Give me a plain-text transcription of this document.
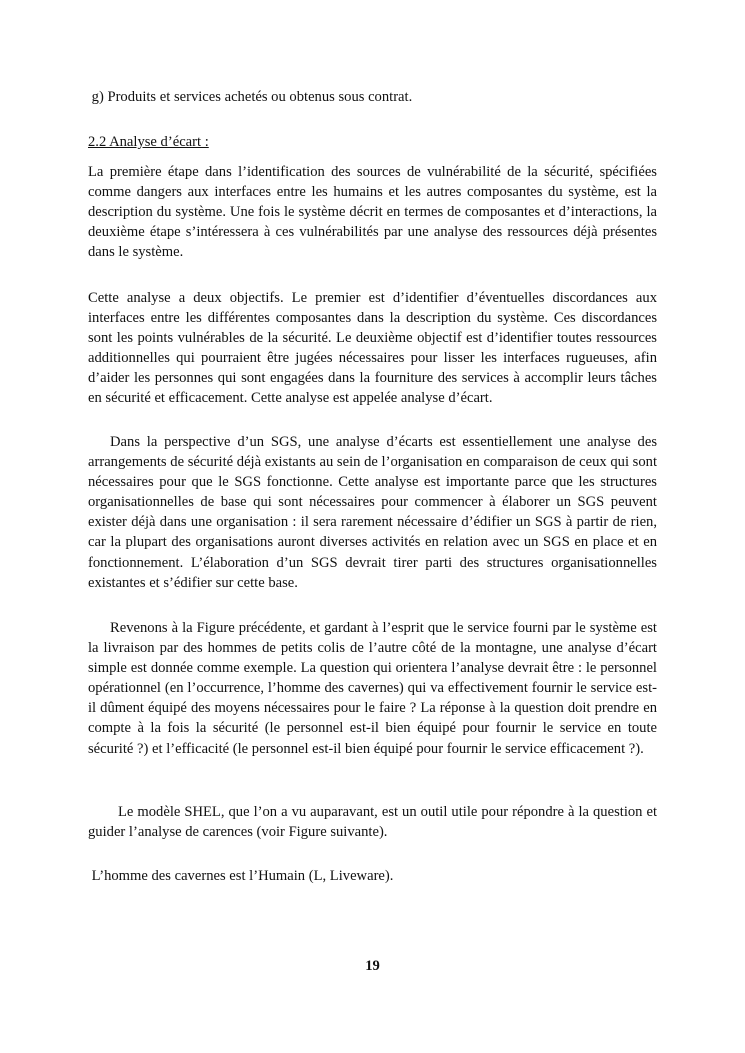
g) Produits et services achetés ou obtenus sous contrat.

2.2 Analyse d’écart :

La première étape dans l’identification des sources de vulnérabilité de la sécurité, spécifiées comme dangers aux interfaces entre les humains et les autres composantes du système, est la description du système. Une fois le système décrit en termes de composantes et d’interactions, la deuxième étape s’intéressera à ces vulnérabilités par une analyse des ressources déjà présentes dans le système.

Cette analyse a deux objectifs. Le premier est d’identifier d’éventuelles discordances aux interfaces entre les différentes composantes dans la description du système. Ces discordances sont les points vulnérables de la sécurité. Le deuxième objectif est d’identifier toutes ressources additionnelles qui pourraient être jugées nécessaires pour lisser les interfaces rugueuses, afin d’aider les personnes qui sont engagées dans la fourniture des services à accomplir leurs tâches en sécurité et efficacement. Cette analyse est appelée analyse d’écart.

Dans la perspective d’un SGS, une analyse d’écarts est essentiellement une analyse des arrangements de sécurité déjà existants au sein de l’organisation en comparaison de ceux qui sont nécessaires pour que le SGS fonctionne. Cette analyse est importante parce que les structures organisationnelles de base qui sont nécessaires pour commencer à élaborer un SGS peuvent exister déjà dans une organisation : il sera rarement nécessaire d’édifier un SGS à partir de rien, car la plupart des organisations auront diverses activités en relation avec un SGS en place et en fonctionnement. L’élaboration d’un SGS devrait tirer parti des structures organisationnelles existantes et s’édifier sur cette base.

Revenons à la Figure précédente, et gardant à l’esprit que le service fourni par le système est la livraison par des hommes de petits colis de l’autre côté de la montagne, une analyse d’écart simple est donnée comme exemple. La question qui orientera l’analyse devrait être : le personnel opérationnel (en l’occurrence, l’homme des cavernes) qui va effectivement fournir le service est-il dûment équipé des moyens nécessaires pour le faire ? La réponse à la question doit prendre en compte à la fois la sécurité (le personnel est-il bien équipé pour fournir le service en toute sécurité ?) et l’efficacité (le personnel est-il bien équipé pour fournir le service efficacement ?).

Le modèle SHEL, que l’on a vu auparavant, est un outil utile pour répondre à la question et guider l’analyse de carences (voir Figure suivante).

L’homme des cavernes est l’Humain (L, Liveware).

19
